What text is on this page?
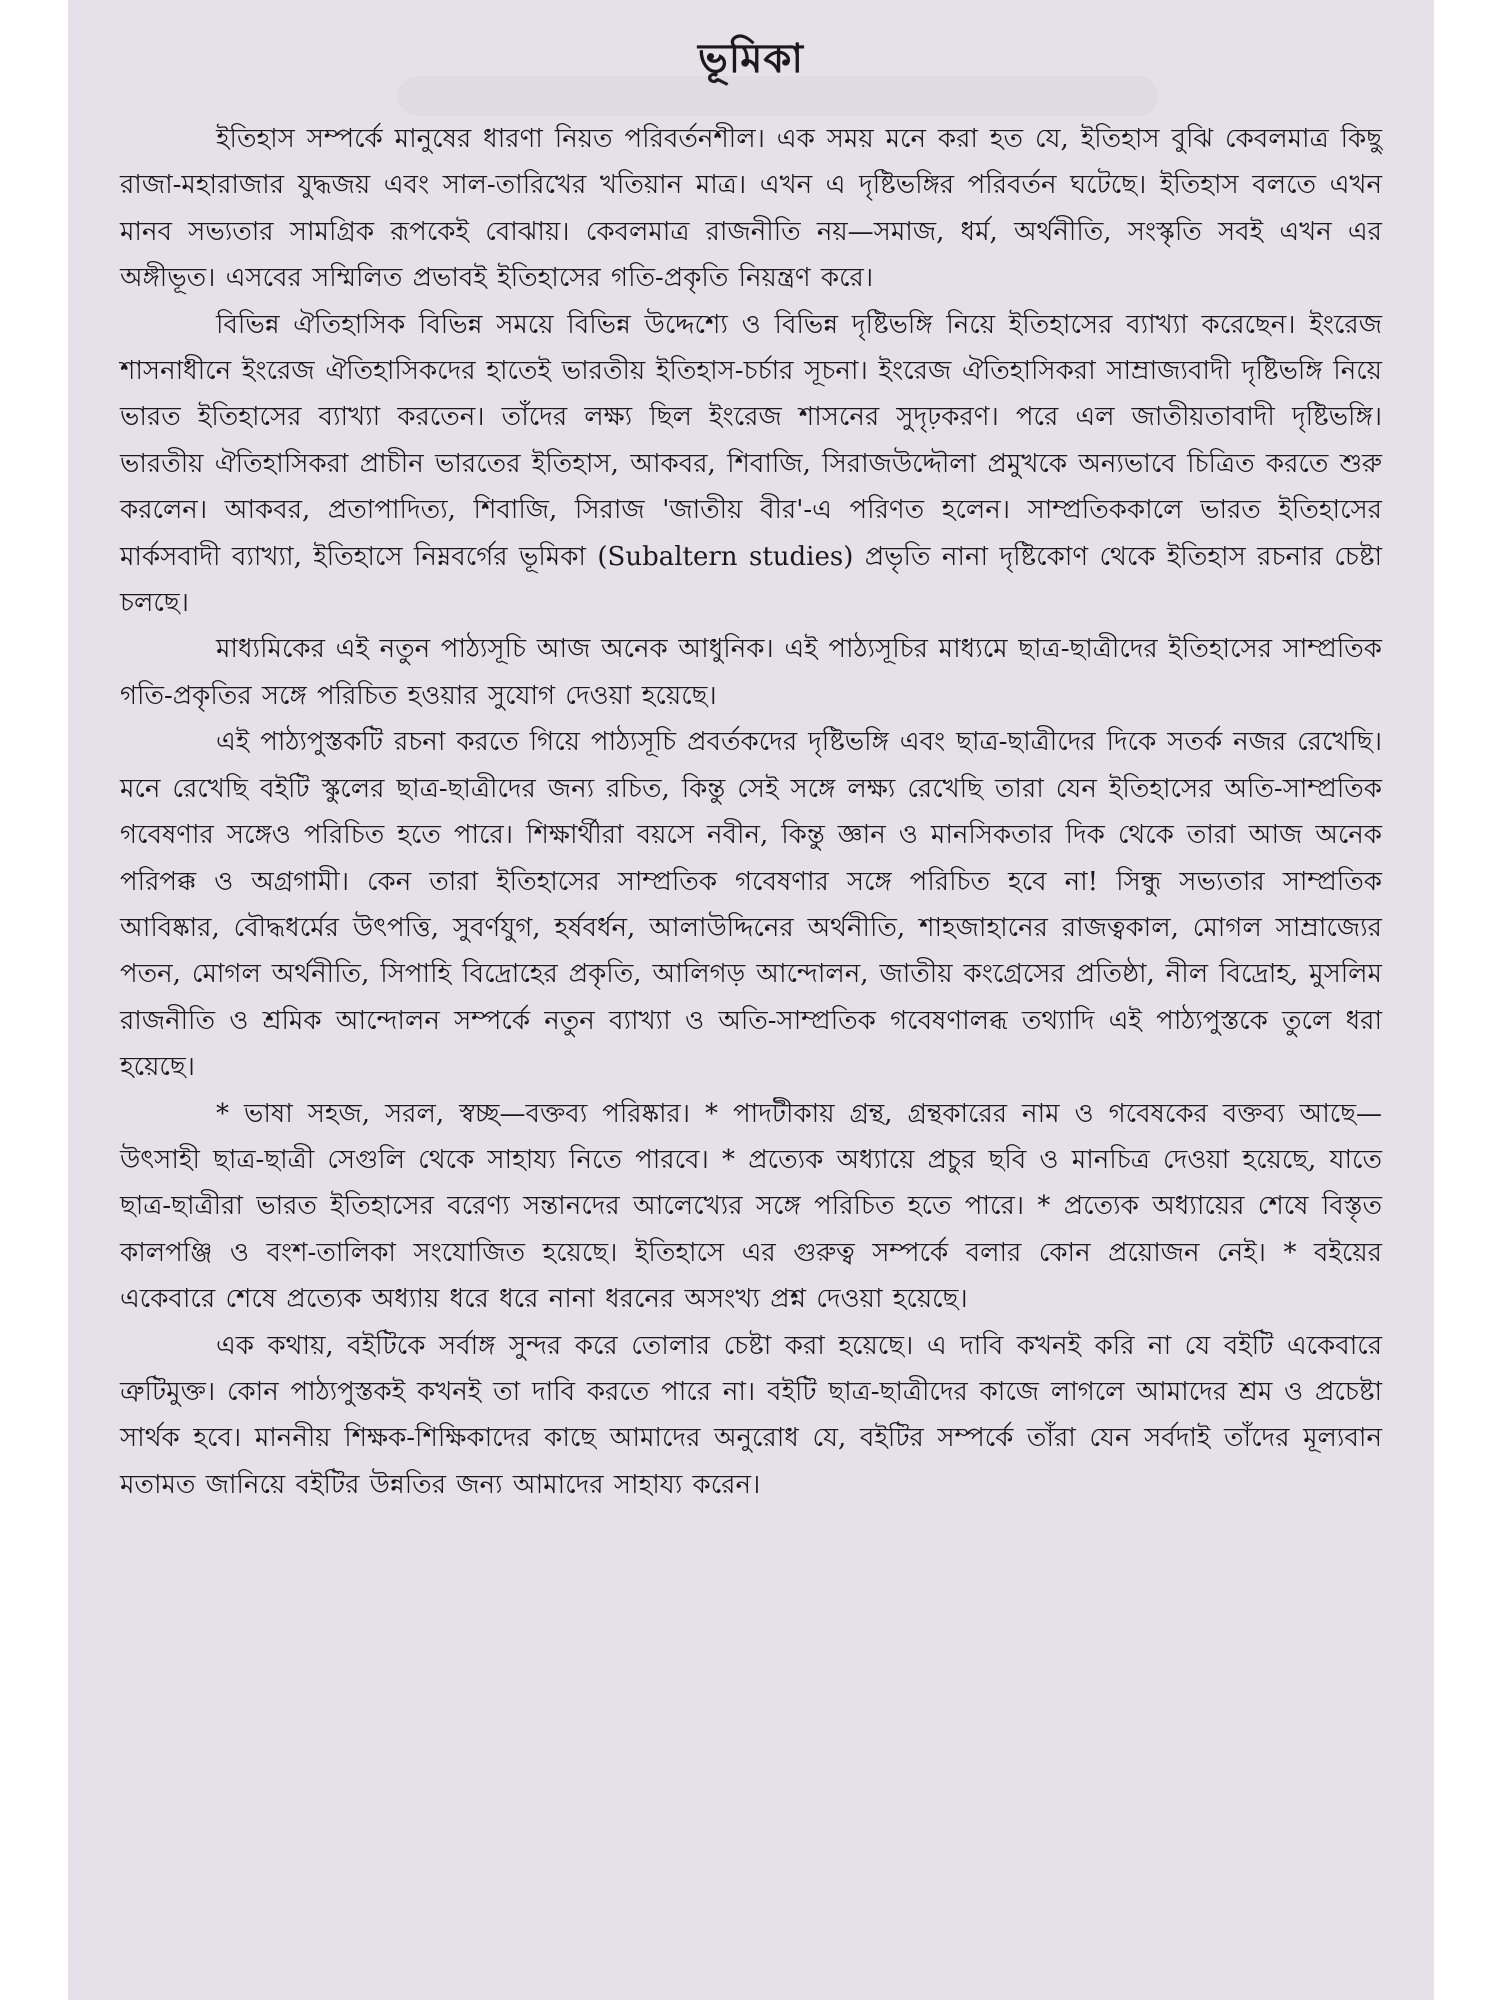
ভূমিকা

ইতিহাস সম্পর্কে মানুষের ধারণা নিয়ত পরিবর্তনশীল। এক সময় মনে করা হত যে, ইতিহাস বুঝি কেবলমাত্র কিছু রাজা-মহারাজার যুদ্ধজয় এবং সাল-তারিখের খতিয়ান মাত্র। এখন এ দৃষ্টিভঙ্গির পরিবর্তন ঘটেছে। ইতিহাস বলতে এখন মানব সভ্যতার সামগ্রিক রূপকেই বোঝায়। কেবলমাত্র রাজনীতি নয়—সমাজ, ধর্ম, অর্থনীতি, সংস্কৃতি সবই এখন এর অঙ্গীভূত। এসবের সম্মিলিত প্রভাবই ইতিহাসের গতি-প্রকৃতি নিয়ন্ত্রণ করে।

বিভিন্ন ঐতিহাসিক বিভিন্ন সময়ে বিভিন্ন উদ্দেশ্যে ও বিভিন্ন দৃষ্টিভঙ্গি নিয়ে ইতিহাসের ব্যাখ্যা করেছেন। ইংরেজ শাসনাধীনে ইংরেজ ঐতিহাসিকদের হাতেই ভারতীয় ইতিহাস-চর্চার সূচনা। ইংরেজ ঐতিহাসিকরা সাম্রাজ্যবাদী দৃষ্টিভঙ্গি নিয়ে ভারত ইতিহাসের ব্যাখ্যা করতেন। তাঁদের লক্ষ্য ছিল ইংরেজ শাসনের সুদৃঢ়করণ। পরে এল জাতীয়তাবাদী দৃষ্টিভঙ্গি। ভারতীয় ঐতিহাসিকরা প্রাচীন ভারতের ইতিহাস, আকবর, শিবাজি, সিরাজউদ্দৌলা প্রমুখকে অন্যভাবে চিত্রিত করতে শুরু করলেন। আকবর, প্রতাপাদিত্য, শিবাজি, সিরাজ 'জাতীয় বীর'-এ পরিণত হলেন। সাম্প্রতিককালে ভারত ইতিহাসের মার্কসবাদী ব্যাখ্যা, ইতিহাসে নিম্নবর্গের ভূমিকা (Subaltern studies) প্রভৃতি নানা দৃষ্টিকোণ থেকে ইতিহাস রচনার চেষ্টা চলছে।

মাধ্যমিকের এই নতুন পাঠ্যসূচি আজ অনেক আধুনিক। এই পাঠ্যসূচির মাধ্যমে ছাত্র-ছাত্রীদের ইতিহাসের সাম্প্রতিক গতি-প্রকৃতির সঙ্গে পরিচিত হওয়ার সুযোগ দেওয়া হয়েছে।

এই পাঠ্যপুস্তকটি রচনা করতে গিয়ে পাঠ্যসূচি প্রবর্তকদের দৃষ্টিভঙ্গি এবং ছাত্র-ছাত্রীদের দিকে সতর্ক নজর রেখেছি। মনে রেখেছি বইটি স্কুলের ছাত্র-ছাত্রীদের জন্য রচিত, কিন্তু সেই সঙ্গে লক্ষ্য রেখেছি তারা যেন ইতিহাসের অতি-সাম্প্রতিক গবেষণার সঙ্গেও পরিচিত হতে পারে। শিক্ষার্থীরা বয়সে নবীন, কিন্তু জ্ঞান ও মানসিকতার দিক থেকে তারা আজ অনেক পরিপক্ক ও অগ্রগামী। কেন তারা ইতিহাসের সাম্প্রতিক গবেষণার সঙ্গে পরিচিত হবে না! সিন্ধু সভ্যতার সাম্প্রতিক আবিষ্কার, বৌদ্ধধর্মের উৎপত্তি, সুবর্ণযুগ, হর্ষবর্ধন, আলাউদ্দিনের অর্থনীতি, শাহজাহানের রাজত্বকাল, মোগল সাম্রাজ্যের পতন, মোগল অর্থনীতি, সিপাহি বিদ্রোহের প্রকৃতি, আলিগড় আন্দোলন, জাতীয় কংগ্রেসের প্রতিষ্ঠা, নীল বিদ্রোহ, মুসলিম রাজনীতি ও শ্রমিক আন্দোলন সম্পর্কে নতুন ব্যাখ্যা ও অতি-সাম্প্রতিক গবেষণালব্ধ তথ্যাদি এই পাঠ্যপুস্তকে তুলে ধরা হয়েছে।

* ভাষা সহজ, সরল, স্বচ্ছ—বক্তব্য পরিষ্কার। * পাদটীকায় গ্রন্থ, গ্রন্থকারের নাম ও গবেষকের বক্তব্য আছে—উৎসাহী ছাত্র-ছাত্রী সেগুলি থেকে সাহায্য নিতে পারবে। * প্রত্যেক অধ্যায়ে প্রচুর ছবি ও মানচিত্র দেওয়া হয়েছে, যাতে ছাত্র-ছাত্রীরা ভারত ইতিহাসের বরেণ্য সন্তানদের আলেখ্যের সঙ্গে পরিচিত হতে পারে। * প্রত্যেক অধ্যায়ের শেষে বিস্তৃত কালপঞ্জি ও বংশ-তালিকা সংযোজিত হয়েছে। ইতিহাসে এর গুরুত্ব সম্পর্কে বলার কোন প্রয়োজন নেই। * বইয়ের একেবারে শেষে প্রত্যেক অধ্যায় ধরে ধরে নানা ধরনের অসংখ্য প্রশ্ন দেওয়া হয়েছে।

এক কথায়, বইটিকে সর্বাঙ্গ সুন্দর করে তোলার চেষ্টা করা হয়েছে। এ দাবি কখনই করি না যে বইটি একেবারে ত্রুটিমুক্ত। কোন পাঠ্যপুস্তকই কখনই তা দাবি করতে পারে না। বইটি ছাত্র-ছাত্রীদের কাজে লাগলে আমাদের শ্রম ও প্রচেষ্টা সার্থক হবে। মাননীয় শিক্ষক-শিক্ষিকাদের কাছে আমাদের অনুরোধ যে, বইটির সম্পর্কে তাঁরা যেন সর্বদাই তাঁদের মূল্যবান মতামত জানিয়ে বইটির উন্নতির জন্য আমাদের সাহায্য করেন।
